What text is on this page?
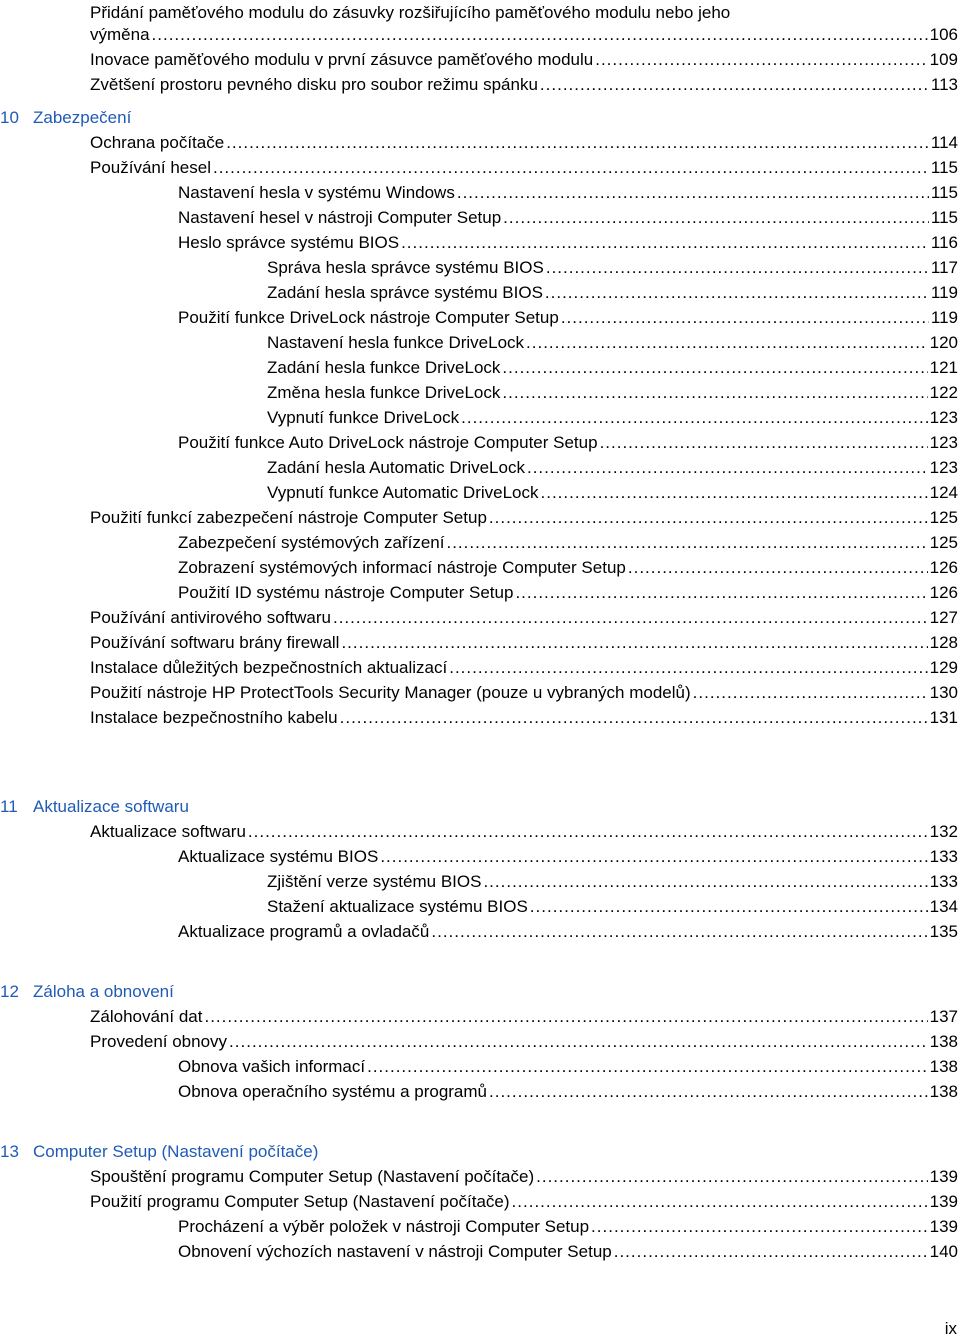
Přidání paměťového modulu do zásuvky rozšiřujícího paměťového modulu nebo jeho
výměna .....	106
Inovace paměťového modulu v první zásuvce paměťového modulu .....	109
Zvětšení prostoru pevného disku pro soubor režimu spánku .....	113
10 Zabezpečení
Ochrana počítače .....	114
Používání hesel .....	115
Nastavení hesla v systému Windows .....	115
Nastavení hesel v nástroji Computer Setup .....	115
Heslo správce systému BIOS .....	116
Správa hesla správce systému BIOS .....	117
Zadání hesla správce systému BIOS .....	119
Použití funkce DriveLock nástroje Computer Setup .....	119
Nastavení hesla funkce DriveLock .....	120
Zadání hesla funkce DriveLock .....	121
Změna hesla funkce DriveLock .....	122
Vypnutí funkce DriveLock .....	123
Použití funkce Auto DriveLock nástroje Computer Setup .....	123
Zadání hesla Automatic DriveLock .....	123
Vypnutí funkce Automatic DriveLock .....	124
Použití funkcí zabezpečení nástroje Computer Setup .....	125
Zabezpečení systémových zařízení .....	125
Zobrazení systémových informací nástroje Computer Setup .....	126
Použití ID systému nástroje Computer Setup .....	126
Používání antivirového softwaru .....	127
Používání softwaru brány firewall .....	128
Instalace důležitých bezpečnostních aktualizací .....	129
Použití nástroje HP ProtectTools Security Manager (pouze u vybraných modelů) .....	130
Instalace bezpečnostního kabelu .....	131
11 Aktualizace softwaru
Aktualizace softwaru .....	132
Aktualizace systému BIOS .....	133
Zjištění verze systému BIOS .....	133
Stažení aktualizace systému BIOS .....	134
Aktualizace programů a ovladačů .....	135
12 Záloha a obnovení
Zálohování dat .....	137
Provedení obnovy .....	138
Obnova vašich informací .....	138
Obnova operačního systému a programů .....	138
13 Computer Setup (Nastavení počítače)
Spouštění programu Computer Setup (Nastavení počítače) .....	139
Použití programu Computer Setup (Nastavení počítače) .....	139
Procházení a výběr položek v nástroji Computer Setup .....	139
Obnovení výchozích nastavení v nástroji Computer Setup .....	140
ix
